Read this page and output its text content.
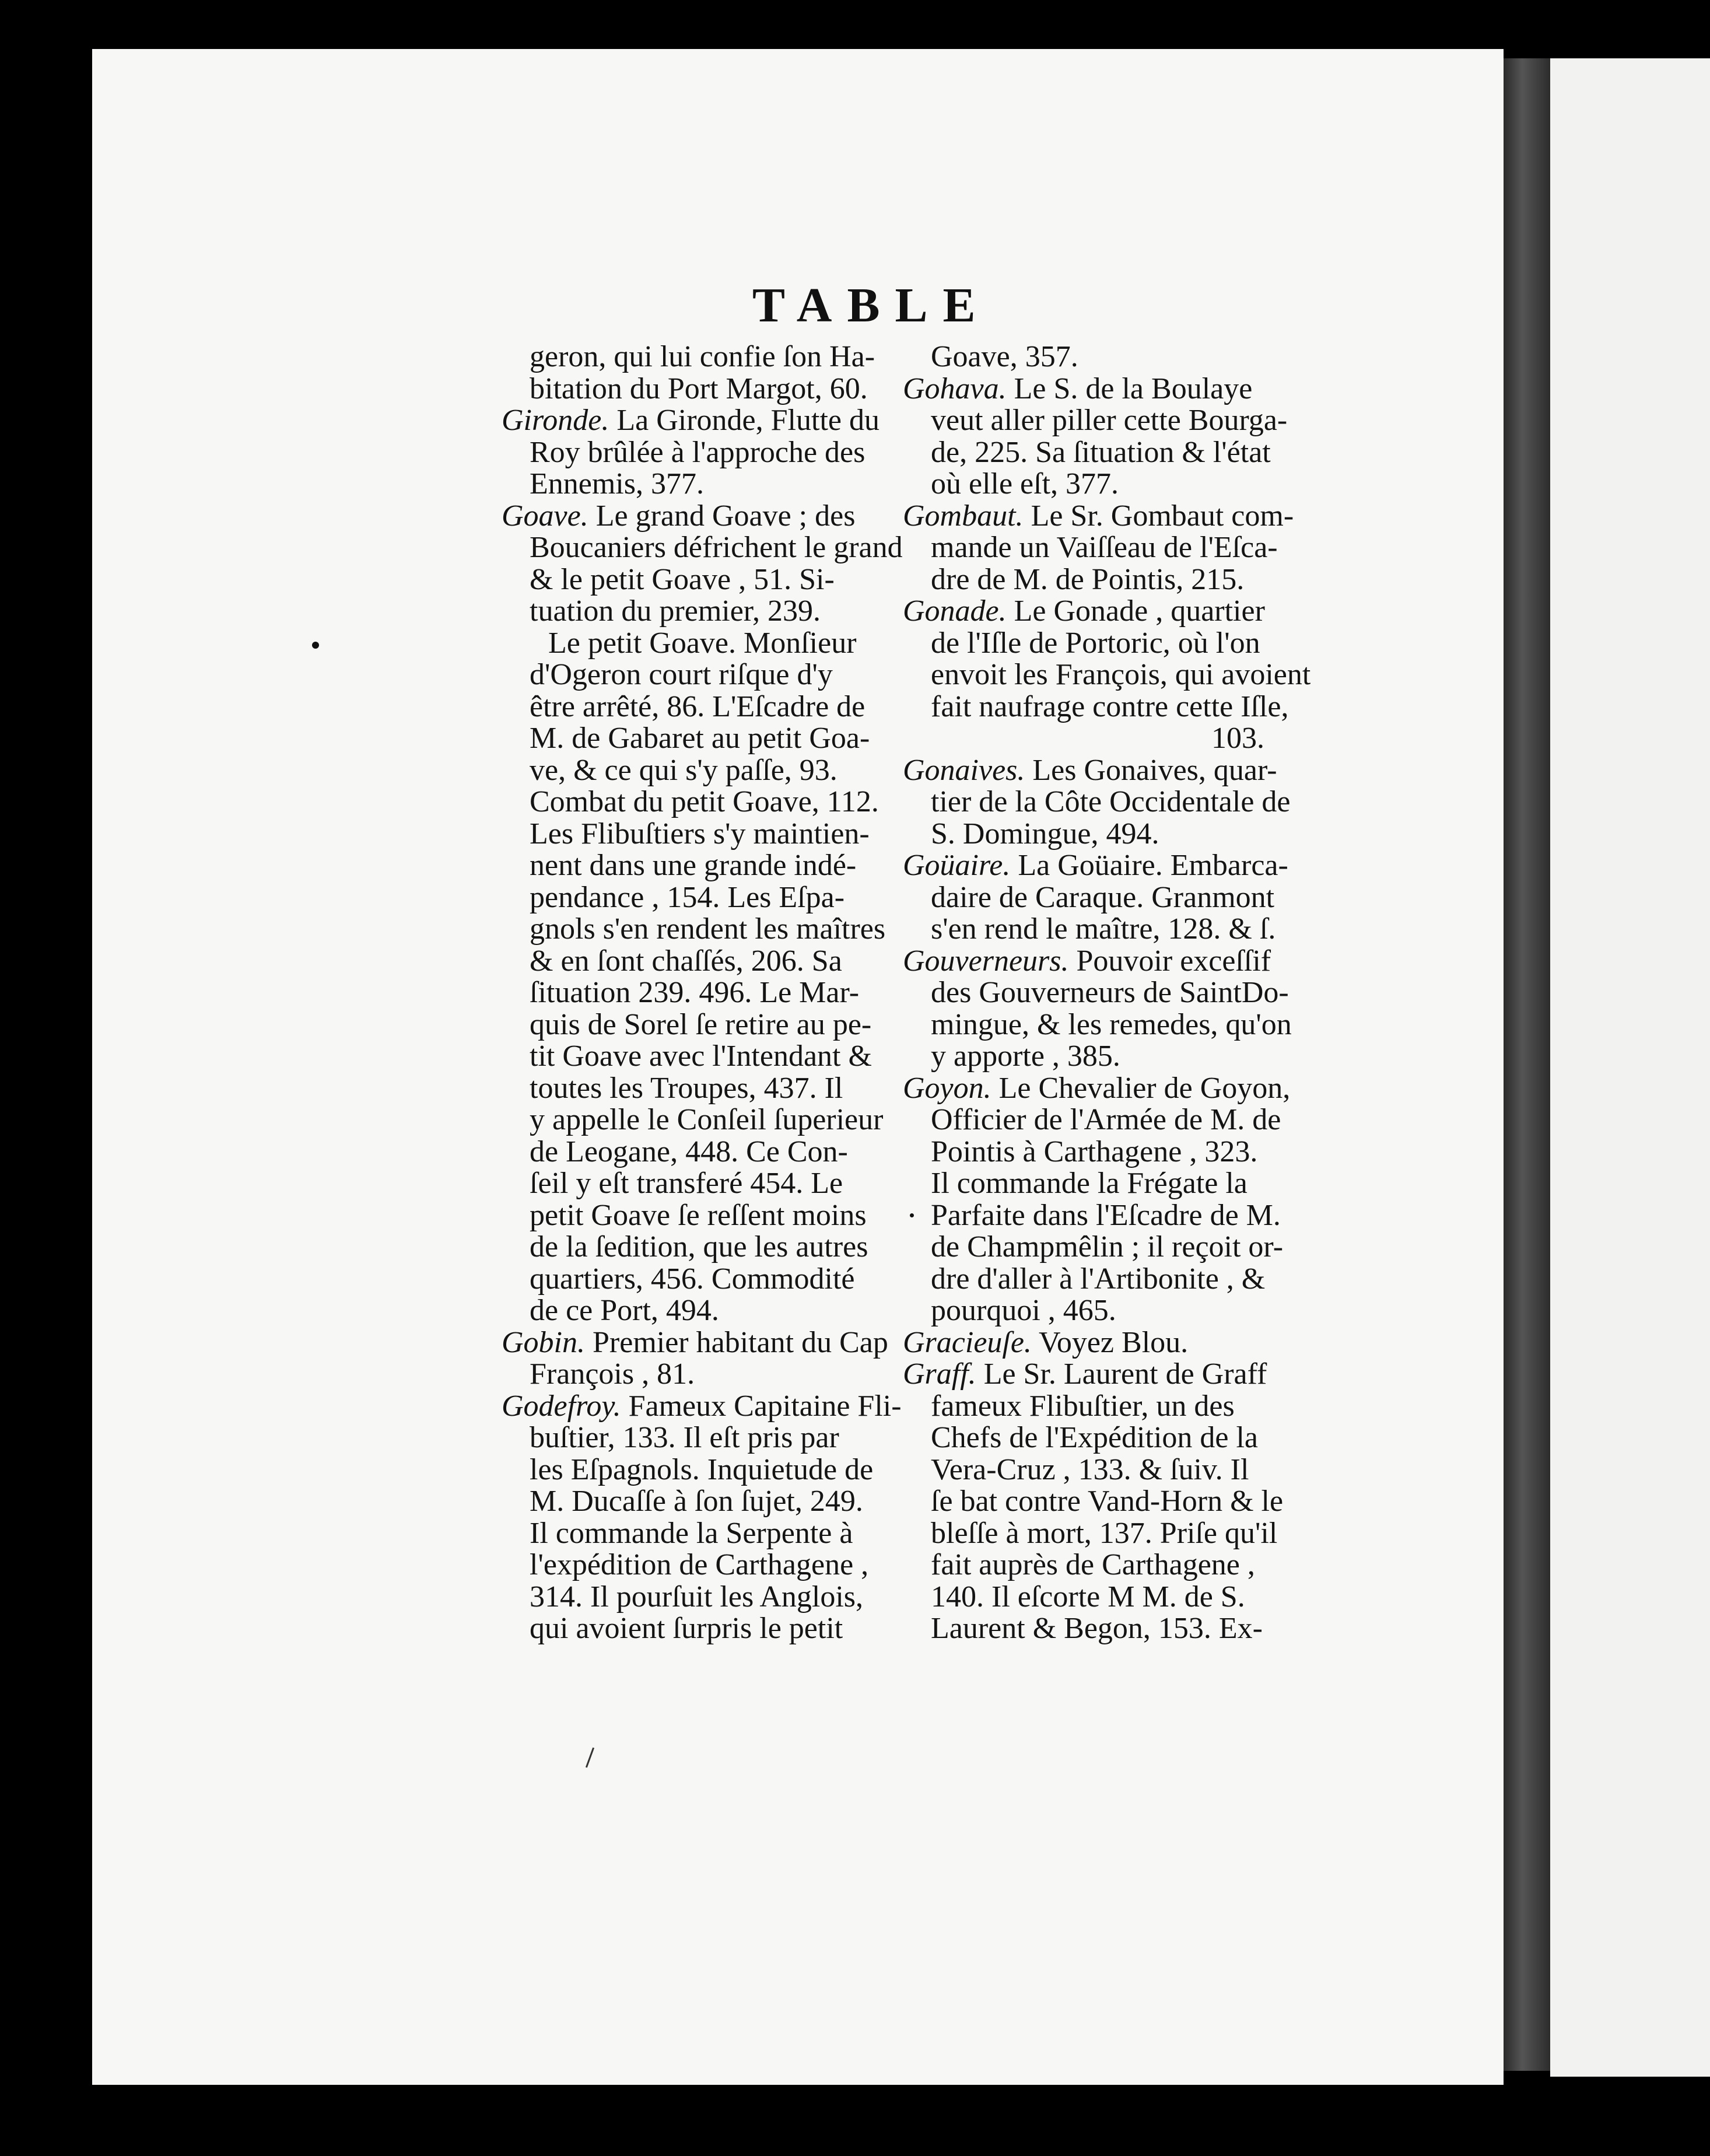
TABLE

geron, qui lui confie ſon Ha-

bitation du Port Margot, 60.

Gironde. La Gironde, Flutte du

Roy brûlée à l'approche des

Ennemis, 377.

Goave. Le grand Goave ; des

Boucaniers défrichent le grand

& le petit Goave , 51. Si-

tuation du premier, 239.

Le petit Goave. Monſieur

d'Ogeron court riſque d'y

être arrêté, 86. L'Eſcadre de

M. de Gabaret au petit Goa-

ve, & ce qui s'y paſſe, 93.

Combat du petit Goave, 112.

Les Flibuſtiers s'y maintien-

nent dans une grande indé-

pendance , 154. Les Eſpa-

gnols s'en rendent les maîtres

& en ſont chaſſés, 206. Sa

ſituation 239. 496. Le Mar-

quis de Sorel ſe retire au pe-

tit Goave avec l'Intendant &

toutes les Troupes, 437. Il

y appelle le Conſeil ſuperieur

de Leogane, 448. Ce Con-

ſeil y eſt transferé 454. Le

petit Goave ſe reſſent moins

de la ſedition, que les autres

quartiers, 456. Commodité

de ce Port, 494.

Gobin. Premier habitant du Cap

François , 81.

Godefroy. Fameux Capitaine Fli-

buſtier, 133. Il eſt pris par

les Eſpagnols. Inquietude de

M. Ducaſſe à ſon ſujet, 249.

Il commande la Serpente à

l'expédition de Carthagene ,

314. Il pourſuit les Anglois,

qui avoient ſurpris le petit

Goave, 357.

Gohava. Le S. de la Boulaye

veut aller piller cette Bourga-

de, 225. Sa ſituation & l'état

où elle eſt, 377.

Gombaut. Le Sr. Gombaut com-

mande un Vaiſſeau de l'Eſca-

dre de M. de Pointis, 215.

Gonade. Le Gonade , quartier

de l'Iſle de Portoric, où l'on

envoit les François, qui avoient

fait naufrage contre cette Iſle,

103.

Gonaives. Les Gonaives, quar-

tier de la Côte Occidentale de

S. Domingue, 494.

Goüaire. La Goüaire. Embarca-

daire de Caraque. Granmont

s'en rend le maître, 128. & ſ.

Gouverneurs. Pouvoir exceſſif

des Gouverneurs de SaintDo-

mingue, & les remedes, qu'on

y apporte , 385.

Goyon. Le Chevalier de Goyon,

Officier de l'Armée de M. de

Pointis à Carthagene , 323.

Il commande la Frégate la

Parfaite dans l'Eſcadre de M.

de Champmêlin ; il reçoit or-

dre d'aller à l'Artibonite , &

pourquoi , 465.

Gracieuſe. Voyez Blou.

Graff. Le Sr. Laurent de Graff

fameux Flibuſtier, un des

Chefs de l'Expédition de la

Vera-Cruz , 133. & ſuiv. Il

ſe bat contre Vand-Horn & le

bleſſe à mort, 137. Priſe qu'il

fait auprès de Carthagene ,

140. Il eſcorte M M. de S.

Laurent & Begon, 153. Ex-
